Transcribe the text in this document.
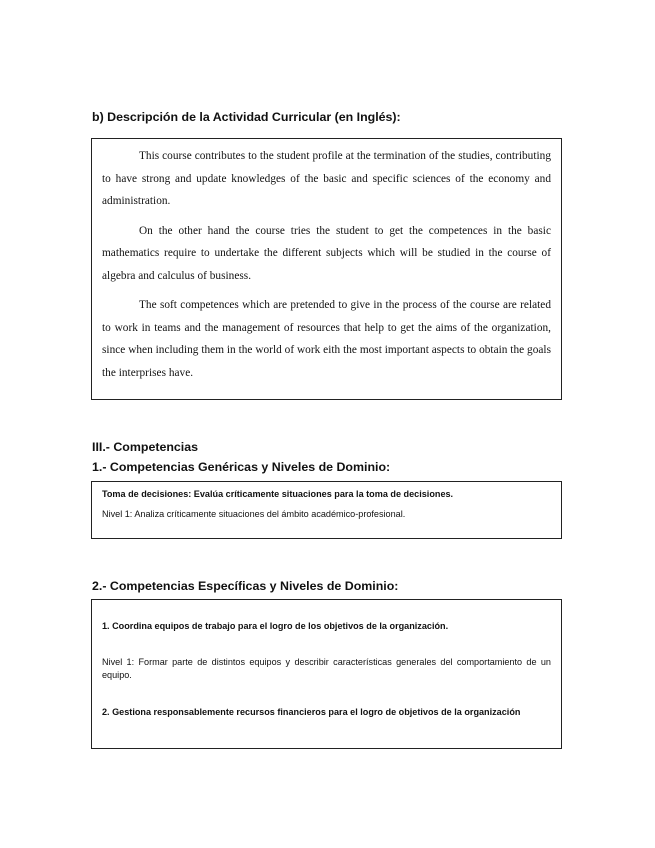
b) Descripción de la Actividad Curricular (en Inglés):

This course contributes to the student profile at the termination of the studies, contributing to have strong and update knowledges of the basic and specific sciences of the economy and administration.

On the other hand the course tries the student to get the competences in the basic mathematics require to undertake the different subjects which will be studied in the course of algebra and calculus of business.

The soft competences which are pretended to give in the process of the course are related to work in teams and the management of resources that help to get the aims of the organization, since when including them in the world of work eith the most important aspects to obtain the goals the interprises have.

III.- Competencias
1.- Competencias Genéricas y Niveles de Dominio:

Toma de decisiones: Evalúa críticamente situaciones para la toma de decisiones.

Nivel 1: Analiza críticamente situaciones del ámbito académico-profesional.

2.- Competencias Específicas y Niveles de Dominio:

1. Coordina equipos de trabajo para el logro de los objetivos de la organización.

Nivel 1: Formar parte de distintos equipos y describir características generales del comportamiento de un equipo.

2. Gestiona responsablemente recursos financieros para el logro de objetivos de la organización
